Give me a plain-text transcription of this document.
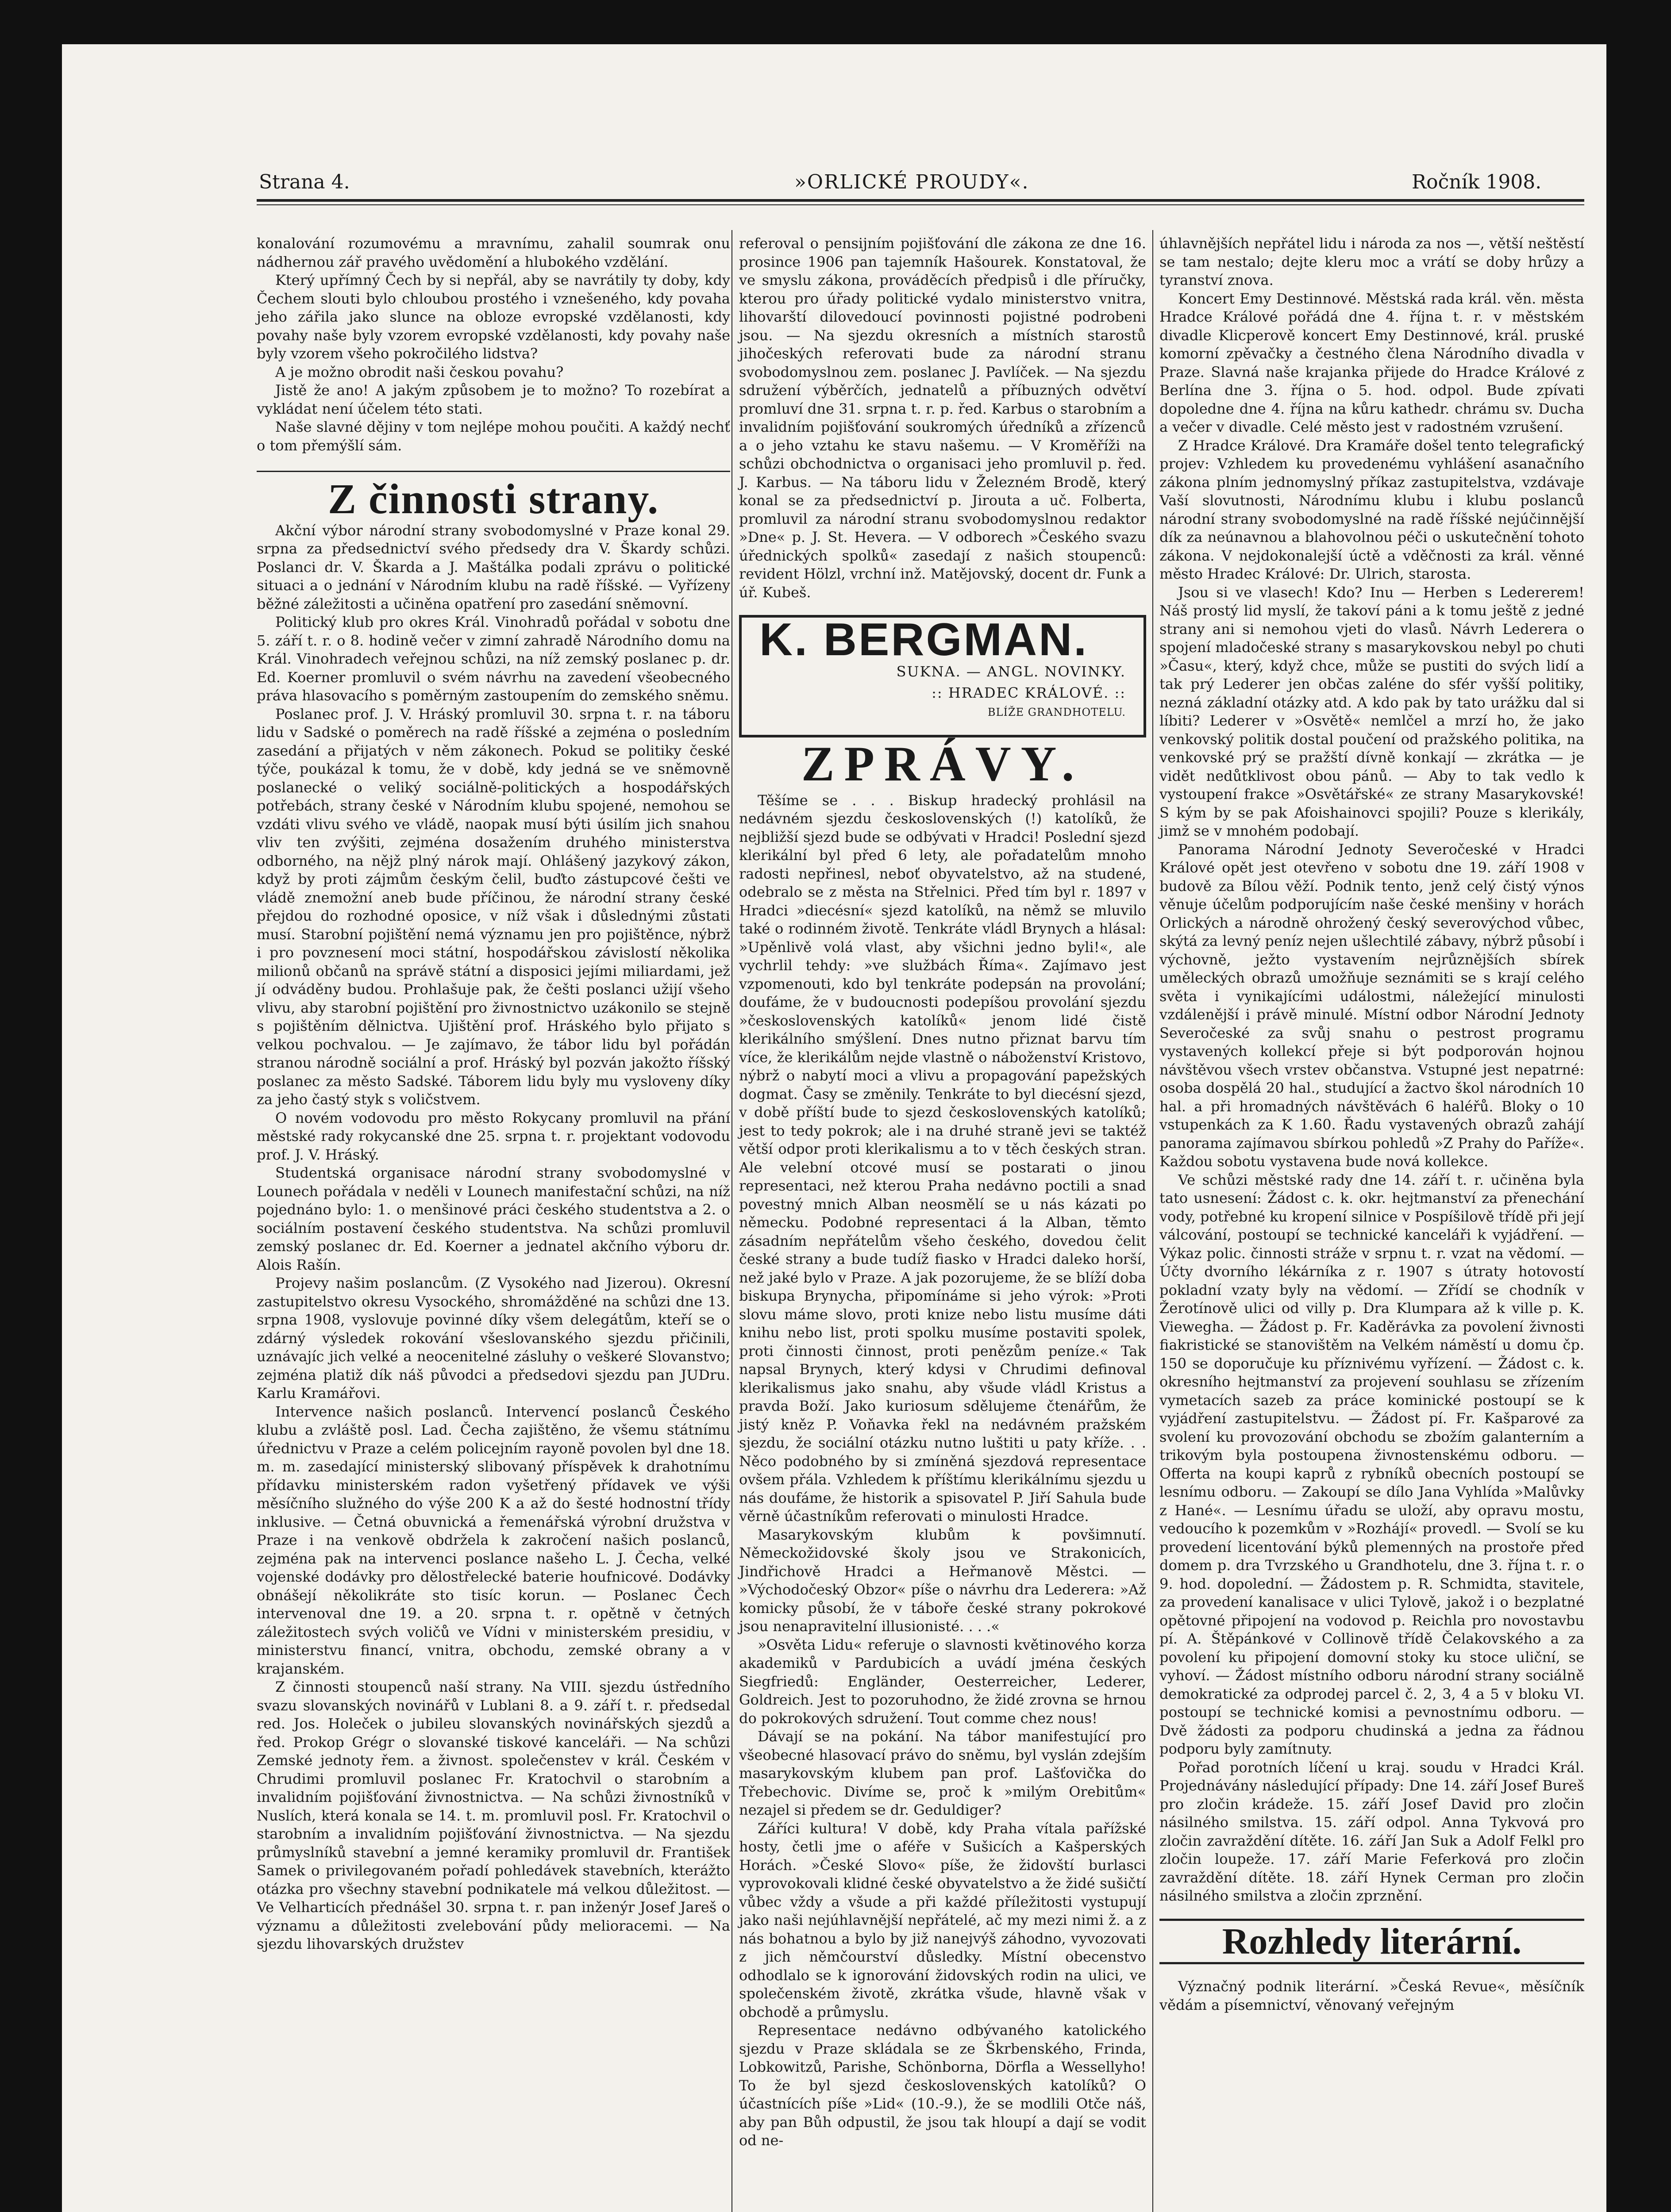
Strana 4.	»ORLICKÉ PROUDY«.	Ročník 1908.

konalování rozumovému a mravnímu, zahalil soumrak onu nádhernou zář pravého uvědomění a hlubokého vzdělání.

Který upřímný Čech by si nepřál, aby se navrátily ty doby, kdy Čechem slouti bylo chloubou prostého i vznešeného, kdy povaha jeho zářila jako slunce na obloze evropské vzdělanosti, kdy povahy naše byly vzorem evropské vzdělanosti, kdy povahy naše byly vzorem všeho pokročilého lidstva?

A je možno obrodit naši českou povahu?

Jistě že ano! A jakým způsobem je to možno? To rozebírat a vykládat není účelem této stati.

Naše slavné dějiny v tom nejlépe mohou poučiti. A každý nechť o tom přemýšlí sám.

Z činnosti strany.

Akční výbor národní strany svobodomyslné v Praze konal 29. srpna za předsednictví svého předsedy dra V. Škardy schůzi. Poslanci dr. V. Škarda a J. Maštálka podali zprávu o politické situaci a o jednání v Národním klubu na radě říšské. — Vyřízeny běžné záležitosti a učiněna opatření pro zasedání sněmovní.

Politický klub pro okres Král. Vinohradů pořádal v sobotu dne 5. září t. r. o 8. hodině večer v zimní zahradě Národního domu na Král. Vinohradech veřejnou schůzi, na níž zemský poslanec p. dr. Ed. Koerner promluvil o svém návrhu na zavedení všeobecného práva hlasovacího s poměrným zastoupením do zemského sněmu.

Poslanec prof. J. V. Hráský promluvil 30. srpna t. r. na táboru lidu v Sadské o poměrech na radě říšské a zejména o posledním zasedání a přijatých v něm zákonech. Pokud se politiky české týče, poukázal k tomu, že v době, kdy jedná se ve sněmovně poslanecké o veliký sociálně-politických a hospodářských potřebách, strany české v Národním klubu spojené, nemohou se vzdáti vlivu svého ve vládě, naopak musí býti úsilím jich snahou vliv ten zvýšiti, zejména dosažením druhého ministerstva odborného, na nějž plný nárok mají. Ohlášený jazykový zákon, když by proti zájmům českým čelil, buďto zástupcové češti ve vládě znemožní aneb bude příčinou, že národní strany české přejdou do rozhodné oposice, v níž však i důslednými zůstati musí. Starobní pojištění nemá významu jen pro pojištěnce, nýbrž i pro povznesení moci státní, hospodářskou závislostí několika milionů občanů na správě státní a disposici jejími miliardami, jež jí odváděny budou. Prohlašuje pak, že češti poslanci užijí všeho vlivu, aby starobní pojištění pro živnostnictvo uzákonilo se stejně s pojištěním dělnictva. Ujištění prof. Hráského bylo přijato s velkou pochvalou. — Je zajímavo, že tábor lidu byl pořádán stranou národně sociální a prof. Hráský byl pozván jakožto říšský poslanec za město Sadské. Táborem lidu byly mu vysloveny díky za jeho častý styk s voličstvem.

O novém vodovodu pro město Rokycany promluvil na přání městské rady rokycanské dne 25. srpna t. r. projektant vodovodu prof. J. V. Hráský.

Studentská organisace národní strany svobodomyslné v Lounech pořádala v neděli v Lounech manifestační schůzi, na níž pojednáno bylo: 1. o menšinové práci českého studentstva a 2. o sociálním postavení českého studentstva. Na schůzi promluvil zemský poslanec dr. Ed. Koerner a jednatel akčního výboru dr. Alois Rašín.

Projevy našim poslancům. (Z Vysokého nad Jizerou). Okresní zastupitelstvo okresu Vysockého, shromážděné na schůzi dne 13. srpna 1908, vyslovuje povinné díky všem delegátům, kteří se o zdárný výsledek rokování všeslovanského sjezdu přičinili, uznávajíc jich velké a neocenitelné zásluhy o veškeré Slovanstvo; zejména platiž dík náš původci a předsedovi sjezdu pan JUDru. Karlu Kramářovi.

Intervence našich poslanců. Intervencí poslanců Českého klubu a zvláště posl. Lad. Čecha zajištěno, že všemu státnímu úřednictvu v Praze a celém policejním rayoně povolen byl dne 18. m. m. zasedající ministerský slibovaný příspěvek k drahotnímu přídavku ministerském radon vyšetřený přídavek ve výši měsíčního služného do výše 200 K a až do šesté hodnostní třídy inklusive. — Četná obuvnická a řemenářská výrobní družstva v Praze i na venkově obdržela k zakročení našich poslanců, zejména pak na intervenci poslance našeho L. J. Čecha, velké vojenské dodávky pro dělostřelecké baterie houfnicové. Dodávky obnášejí několikráte sto tisíc korun. — Poslanec Čech intervenoval dne 19. a 20. srpna t. r. opětně v četných záležitostech svých voličů ve Vídni v ministerském presidiu, v ministerstvu financí, vnitra, obchodu, zemské obrany a v krajanském.

Z činnosti stoupenců naší strany. Na VIII. sjezdu ústředního svazu slovanských novinářů v Lublani 8. a 9. září t. r. předsedal red. Jos. Holeček o jubileu slovanských novinářských sjezdů a řed. Prokop Grégr o slovanské tiskové kanceláři. — Na schůzi Zemské jednoty řem. a živnost. společenstev v král. Českém v Chrudimi promluvil poslanec Fr. Kratochvil o starobním a invalidním pojišťování živnostnictva. — Na schůzi živnostníků v Nuslích, která konala se 14. t. m. promluvil posl. Fr. Kratochvil o starobním a invalidním pojišťování živnostnictva. — Na sjezdu průmyslníků stavební a jemné keramiky promluvil dr. František Samek o privilegovaném pořadí pohledávek stavebních, kterážto otázka pro všechny stavební podnikatele má velkou důležitost. — Ve Velharticích přednášel 30. srpna t. r. pan inženýr Josef Jareš o významu a důležitosti zvelebování půdy melioracemi. — Na sjezdu lihovarských družstev

referoval o pensijním pojišťování dle zákona ze dne 16. prosince 1906 pan tajemník Hašourek. Konstatoval, že ve smyslu zákona, prováděcích předpisů i dle příručky, kterou pro úřady politické vydalo ministerstvo vnitra, lihovarští dilovedoucí povinnosti pojistné podrobeni jsou. — Na sjezdu okresních a místních starostů jihočeských referovati bude za národní stranu svobodomyslnou zem. poslanec J. Pavlíček. — Na sjezdu sdružení výběrčích, jednatelů a příbuzných odvětví promluví dne 31. srpna t. r. p. řed. Karbus o starobním a invalidním pojišťování soukromých úředníků a zřízenců a o jeho vztahu ke stavu našemu. — V Kroměříži na schůzi obchodnictva o organisaci jeho promluvil p. řed. J. Karbus. — Na táboru lidu v Železném Brodě, který konal se za předsednictví p. Jirouta a uč. Folberta, promluvil za národní stranu svobodomyslnou redaktor »Dne« p. J. St. Hevera. — V odborech »Českého svazu úřednických spolků« zasedají z našich stoupenců: revident Hölzl, vrchní inž. Matějovský, docent dr. Funk a úř. Kubeš.

K. BERGMAN.
SUKNA. — ANGL. NOVINKY.
:: HRADEC KRÁLOVÉ. ::
BLÍŽE GRANDHOTELU.
ZPRÁVY.

Těšíme se . . . Biskup hradecký prohlásil na nedávném sjezdu československých (!) katolíků, že nejbližší sjezd bude se odbývati v Hradci! Poslední sjezd klerikální byl před 6 lety, ale pořadatelům mnoho radosti nepřinesl, neboť obyvatelstvo, až na studené, odebralo se z města na Střelnici. Před tím byl r. 1897 v Hradci »diecésní« sjezd katolíků, na němž se mluvilo také o rodinném životě. Tenkráte vládl Brynych a hlásal: »Upěnlivě volá vlast, aby všichni jedno byli!«, ale vychrlil tehdy: »ve službách Říma«. Zajímavo jest vzpomenouti, kdo byl tenkráte podepsán na provolání; doufáme, že v budoucnosti podepíšou provolání sjezdu »československých katolíků« jenom lidé čistě klerikálního smýšlení. Dnes nutno přiznat barvu tím více, že klerikálům nejde vlastně o náboženství Kristovo, nýbrž o nabytí moci a vlivu a propagování papežských dogmat. Časy se změnily. Tenkráte to byl diecésní sjezd, v době příští bude to sjezd československých katolíků; jest to tedy pokrok; ale i na druhé straně jevi se taktéž větší odpor proti klerikalismu a to v těch českých stran. Ale velební otcové musí se postarati o jinou representaci, než kterou Praha nedávno poctili a snad povestný mnich Alban neosmělí se u nás kázati po německu. Podobné representaci á la Alban, těmto zásadním nepřátelům všeho českého, dovedou čelit české strany a bude tudíž fiasko v Hradci daleko horší, než jaké bylo v Praze. A jak pozorujeme, že se blíží doba biskupa Brynycha, připomínáme si jeho výrok: »Proti slovu máme slovo, proti knize nebo listu musíme dáti knihu nebo list, proti spolku musíme postaviti spolek, proti činnosti činnost, proti penězům peníze.« Tak napsal Brynych, který kdysi v Chrudimi definoval klerikalismus jako snahu, aby všude vládl Kristus a pravda Boží. Jako kuriosum sdělujeme čtenářům, že jistý kněz P. Voňavka řekl na nedávném pražském sjezdu, že sociální otázku nutno luštiti u paty kříže. . . Něco podobného by si zmíněná sjezdová representace ovšem přála. Vzhledem k příštímu klerikálnímu sjezdu u nás doufáme, že historik a spisovatel P. Jiří Sahula bude věrně účastníkům referovati o minulosti Hradce.

Masarykovským klubům k povšimnutí. Německožidovské školy jsou ve Strakonicích, Jindřichově Hradci a Heřmanově Městci. — »Východočeský Obzor« píše o návrhu dra Lederera: »Až komicky působí, že v táboře české strany pokrokové jsou nenapravitelní illusionisté. . . .«

»Osvěta Lidu« referuje o slavnosti květinového korza akademiků v Pardubicích a uvádí jména českých Siegfriedů: Engländer, Oesterreicher, Lederer, Goldreich. Jest to pozoruhodno, že židé zrovna se hrnou do pokrokových sdružení. Tout comme chez nous!

Dávají se na pokání. Na tábor manifestující pro všeobecné hlasovací právo do sněmu, byl vyslán zdejším masarykovským klubem pan prof. Lašťovička do Třebechovic. Divíme se, proč k »milým Orebitům« nezajel si předem se dr. Geduldiger?

Záříci kultura! V době, kdy Praha vítala pařížské hosty, četli jme o aféře v Sušicích a Kašperských Horách. »České Slovo« píše, že židovští burlasci vyprovokovali klidné české obyvatelstvo a že židé sušičtí vůbec vždy a všude a při každé příležitosti vystupují jako naši nejúhlavnější nepřátelé, ač my mezi nimi ž. a z nás bohatnou a bylo by již nanejvýš záhodno, vyvozovati z jich němčourství důsledky. Místní obecenstvo odhodlalo se k ignorování židovských rodin na ulici, ve společenském životě, zkrátka všude, hlavně však v obchodě a průmyslu.

Representace nedávno odbývaného katolického sjezdu v Praze skládala se ze Škrbenského, Frinda, Lobkowitzů, Parishe, Schönborna, Dörfla a Wessellyho! To že byl sjezd československých katolíků? O účastnících píše »Lid« (10.-9.), že se modlili Otče náš, aby pan Bůh odpustil, že jsou tak hloupí a dají se vodit od ne-

úhlavnějších nepřátel lidu i národa za nos —, větší neštěstí se tam nestalo; dejte kleru moc a vrátí se doby hrůzy a tyranství znova.

Koncert Emy Destinnové. Městská rada král. věn. města Hradce Králové pořádá dne 4. října t. r. v městském divadle Klicperově koncert Emy Destinnové, král. pruské komorní zpěvačky a čestného člena Národního divadla v Praze. Slavná naše krajanka přijede do Hradce Králové z Berlína dne 3. října o 5. hod. odpol. Bude zpívati dopoledne dne 4. října na kůru kathedr. chrámu sv. Ducha a večer v divadle. Celé město jest v radostném vzrušení.

Z Hradce Králové. Dra Kramáře došel tento telegrafický projev: Vzhledem ku provedenému vyhlášení asanačního zákona plním jednomyslný příkaz zastupitelstva, vzdávaje Vaší slovutnosti, Národnímu klubu i klubu poslanců národní strany svobodomyslné na radě říšské nejúčinnější dík za neúnavnou a blahovolnou péči o uskutečnění tohoto zákona. V nejdokonalejší úctě a vděčnosti za král. věnné město Hradec Králové: Dr. Ulrich, starosta.

Jsou si ve vlasech! Kdo? Inu — Herben s Ledererem! Náš prostý lid myslí, že takoví páni a k tomu ještě z jedné strany ani si nemohou vjeti do vlasů. Návrh Lederera o spojení mladočeské strany s masarykovskou nebyl po chuti »Času«, který, když chce, může se pustiti do svých lidí a tak prý Lederer jen občas zaléne do sfér vyšší politiky, nezná základní otázky atd. A kdo pak by tato urážku dal si líbiti? Lederer v »Osvětě« nemlčel a mrzí ho, že jako venkovský politik dostal poučení od pražského politika, na venkovské prý se pražští dívně konkají — zkrátka — je vidět nedůtklivost obou pánů. — Aby to tak vedlo k vystoupení frakce »Osvětářské« ze strany Masarykovské! S kým by se pak Afoishainovci spojili? Pouze s klerikály, jimž se v mnohém podobají.

Panorama Národní Jednoty Severočeské v Hradci Králové opět jest otevřeno v sobotu dne 19. září 1908 v budově za Bílou věží. Podnik tento, jenž celý čistý výnos věnuje účelům podporujícím naše české menšiny v horách Orlických a národně ohrožený český severovýchod vůbec, skýtá za levný peníz nejen ušlechtilé zábavy, nýbrž působí i výchovně, ježto vystavením nejrůznějších sbírek uměleckých obrazů umožňuje seznámiti se s krají celého světa i vynikajícími událostmi, náležející minulosti vzdálenější i právě minulé. Místní odbor Národní Jednoty Severočeské za svůj snahu o pestrost programu vystavených kollekcí přeje si být podporován hojnou návštěvou všech vrstev občanstva. Vstupné jest nepatrné: osoba dospělá 20 hal., studující a žactvo škol národních 10 hal. a při hromadných návštěvách 6 haléřů. Bloky o 10 vstupenkách za K 1.60. Řadu vystavených obrazů zahájí panorama zajímavou sbírkou pohledů »Z Prahy do Paříže«. Každou sobotu vystavena bude nová kollekce.

Ve schůzi městské rady dne 14. září t. r. učiněna byla tato usnesení: Žádost c. k. okr. hejtmanství za přenechání vody, potřebné ku kropení silnice v Pospíšilově třídě při její válcování, postoupí se technické kanceláři k vyjádření. — Výkaz polic. činnosti stráže v srpnu t. r. vzat na vědomí. — Účty dvorního lékárníka z r. 1907 s útraty hotovostí pokladní vzaty byly na vědomí. — Zřídí se chodník v Žerotínově ulici od villy p. Dra Klumpara až k ville p. K. Viewegha. — Žádost p. Fr. Kaděrávka za povolení živnosti fiakristické se stanovištěm na Velkém náměstí u domu čp. 150 se doporučuje ku příznivému vyřízení. — Žádost c. k. okresního hejtmanství za projevení souhlasu se zřízením vymetacích sazeb za práce kominické postoupí se k vyjádření zastupitelstvu. — Žádost pí. Fr. Kašparové za svolení ku provozování obchodu se zbožím galanterním a trikovým byla postoupena živnostenskému odboru. — Offerta na koupi kaprů z rybníků obecních postoupí se lesnímu odboru. — Zakoupí se dílo Jana Vyhlída »Malůvky z Hané«. — Lesnímu úřadu se uloží, aby opravu mostu, vedoucího k pozemkům v »Rozhájí« provedl. — Svolí se ku provedení licentování býků plemenných na prostoře před domem p. dra Tvrzského u Grandhotelu, dne 3. října t. r. o 9. hod. dopolední. — Žádostem p. R. Schmidta, stavitele, za provedení kanalisace v ulici Tylově, jakož i o bezplatné opětovné připojení na vodovod p. Reichla pro novostavbu pí. A. Štěpánkové v Collinově třídě Čelakovského a za povolení ku připojení domovní stoky ku stoce uliční, se vyhoví. — Žádost místního odboru národní strany sociálně demokratické za odprodej parcel č. 2, 3, 4 a 5 v bloku VI. postoupí se technické komisi a pevnostnímu odboru. — Dvě žádosti za podporu chudinská a jedna za řádnou podporu byly zamítnuty.

Pořad porotních líčení u kraj. soudu v Hradci Král. Projednávány následující případy: Dne 14. září Josef Bureš pro zločin krádeže. 15. září Josef David pro zločin násilného smilstva. 15. září odpol. Anna Tykvová pro zločin zavraždění dítěte. 16. září Jan Suk a Adolf Felkl pro zločin loupeže. 17. září Marie Feferková pro zločin zavraždění dítěte. 18. září Hynek Cerman pro zločin násilného smilstva a zločin zprznění.

Rozhledy literární.

Význačný podnik literární. »Česká Revue«, měsíčník vědám a písemnictví, věnovaný veřejným
